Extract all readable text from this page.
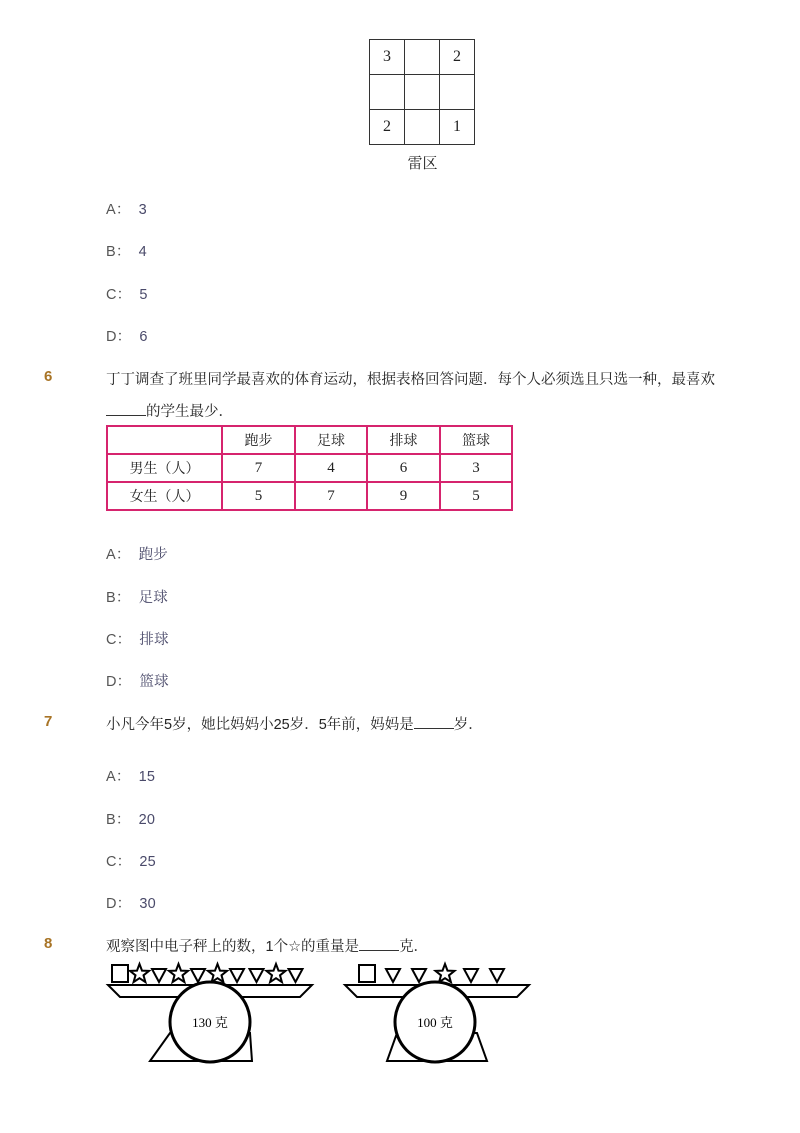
3		2

2		1
雷区
A： 3
B： 4
C： 5
D： 6
6	丁丁调查了班里同学最喜欢的体育运动，根据表格回答问题．每个人必须选且只选一种，最喜欢
的学生最少．
	跑步	足球	排球	篮球
男生（人）	7	4	6	3
女生（人）	5	7	9	5
A： 跑步
B： 足球
C： 排球
D： 篮球
7	小凡今年5岁，她比妈妈小25岁．5年前，妈妈是	岁．
A： 15
B： 20
C： 25
D： 30
8	观察图中电子秤上的数，1个☆的重量是	克．
130 克	100 克
